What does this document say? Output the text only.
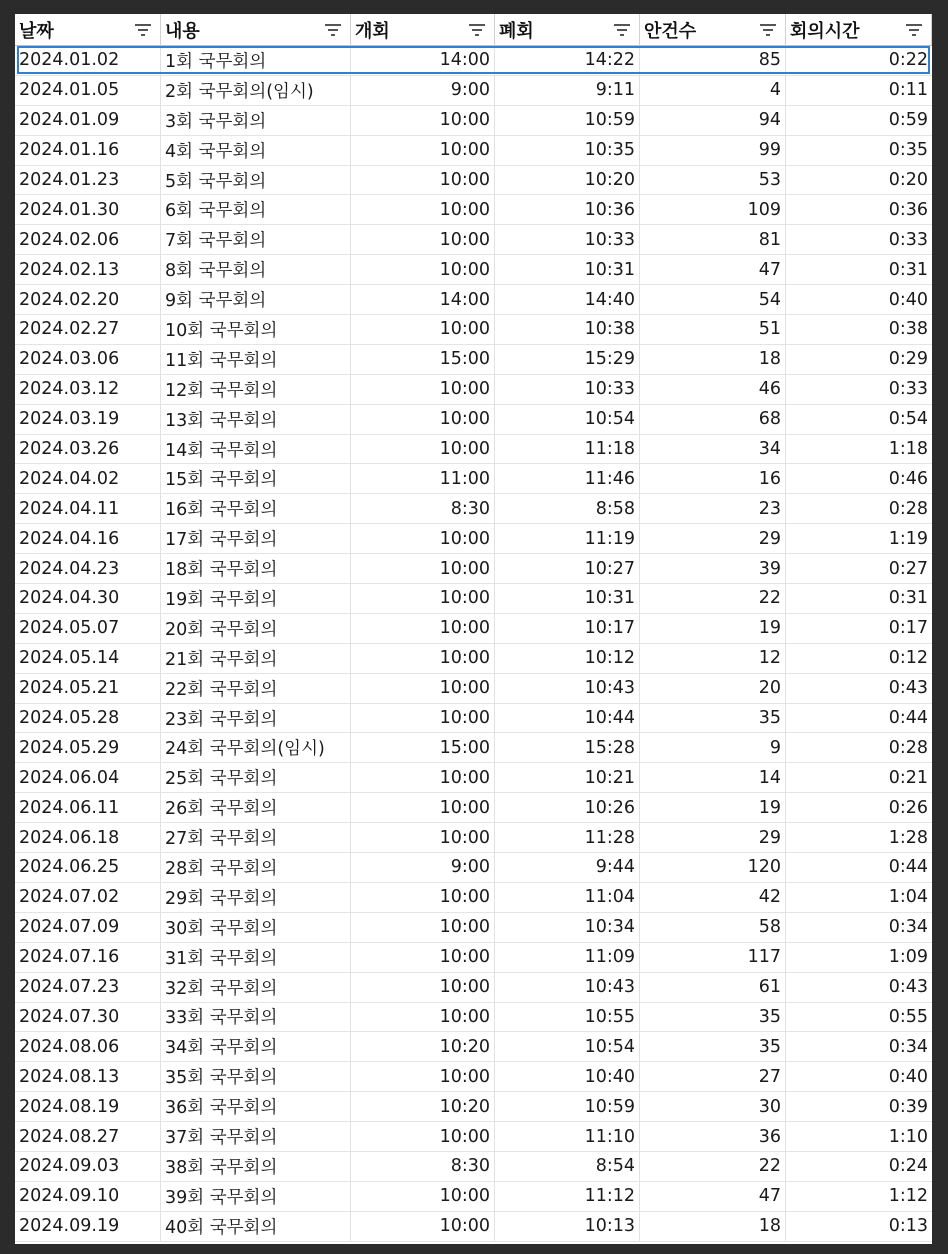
날짜	내용	개회	폐회	안건수	회의시간
2024.01.02	1회 국무회의	14:00	14:22	85	0:22
2024.01.05	2회 국무회의(임시)	9:00	9:11	4	0:11
2024.01.09	3회 국무회의	10:00	10:59	94	0:59
2024.01.16	4회 국무회의	10:00	10:35	99	0:35
2024.01.23	5회 국무회의	10:00	10:20	53	0:20
2024.01.30	6회 국무회의	10:00	10:36	109	0:36
2024.02.06	7회 국무회의	10:00	10:33	81	0:33
2024.02.13	8회 국무회의	10:00	10:31	47	0:31
2024.02.20	9회 국무회의	14:00	14:40	54	0:40
2024.02.27	10회 국무회의	10:00	10:38	51	0:38
2024.03.06	11회 국무회의	15:00	15:29	18	0:29
2024.03.12	12회 국무회의	10:00	10:33	46	0:33
2024.03.19	13회 국무회의	10:00	10:54	68	0:54
2024.03.26	14회 국무회의	10:00	11:18	34	1:18
2024.04.02	15회 국무회의	11:00	11:46	16	0:46
2024.04.11	16회 국무회의	8:30	8:58	23	0:28
2024.04.16	17회 국무회의	10:00	11:19	29	1:19
2024.04.23	18회 국무회의	10:00	10:27	39	0:27
2024.04.30	19회 국무회의	10:00	10:31	22	0:31
2024.05.07	20회 국무회의	10:00	10:17	19	0:17
2024.05.14	21회 국무회의	10:00	10:12	12	0:12
2024.05.21	22회 국무회의	10:00	10:43	20	0:43
2024.05.28	23회 국무회의	10:00	10:44	35	0:44
2024.05.29	24회 국무회의(임시)	15:00	15:28	9	0:28
2024.06.04	25회 국무회의	10:00	10:21	14	0:21
2024.06.11	26회 국무회의	10:00	10:26	19	0:26
2024.06.18	27회 국무회의	10:00	11:28	29	1:28
2024.06.25	28회 국무회의	9:00	9:44	120	0:44
2024.07.02	29회 국무회의	10:00	11:04	42	1:04
2024.07.09	30회 국무회의	10:00	10:34	58	0:34
2024.07.16	31회 국무회의	10:00	11:09	117	1:09
2024.07.23	32회 국무회의	10:00	10:43	61	0:43
2024.07.30	33회 국무회의	10:00	10:55	35	0:55
2024.08.06	34회 국무회의	10:20	10:54	35	0:34
2024.08.13	35회 국무회의	10:00	10:40	27	0:40
2024.08.19	36회 국무회의	10:20	10:59	30	0:39
2024.08.27	37회 국무회의	10:00	11:10	36	1:10
2024.09.03	38회 국무회의	8:30	8:54	22	0:24
2024.09.10	39회 국무회의	10:00	11:12	47	1:12
2024.09.19	40회 국무회의	10:00	10:13	18	0:13
